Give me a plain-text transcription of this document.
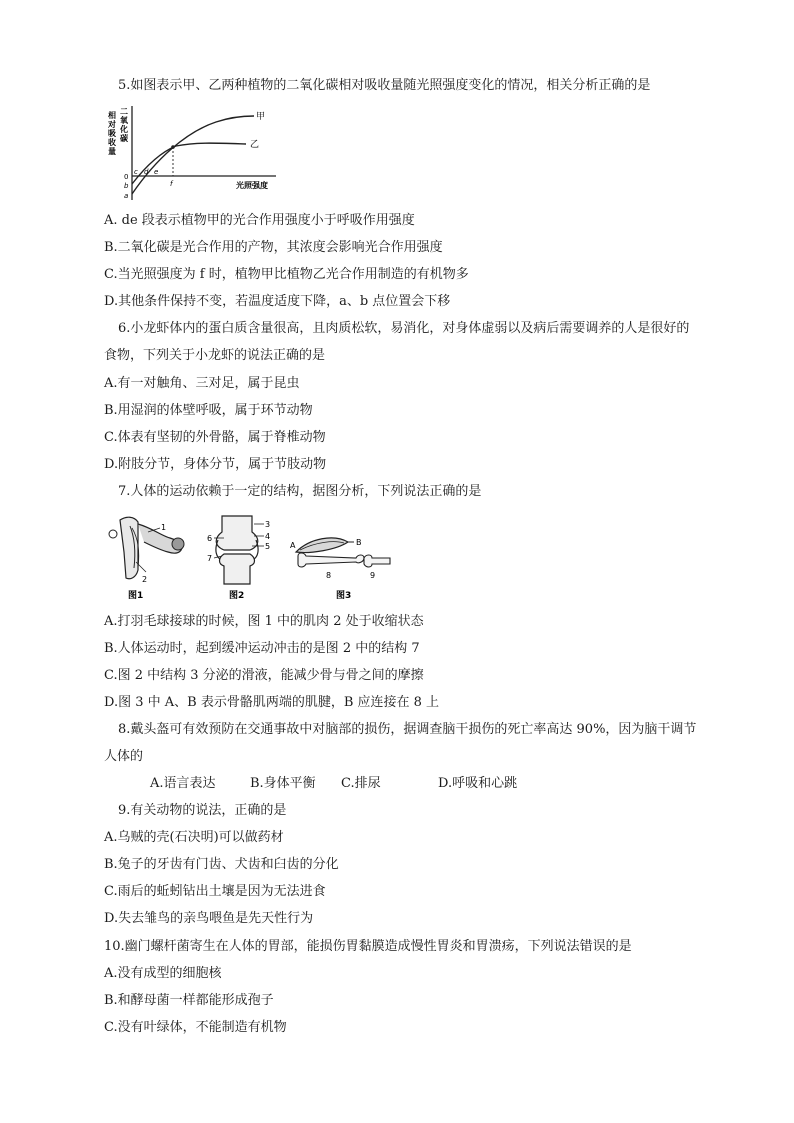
5.如图表示甲、乙两种植物的二氧化碳相对吸收量随光照强度变化的情况，相关分析正确的是
二
氧
化
碳
相
对
吸
收
量
甲
乙
光照强度
0
c d e
f
b
a
A. de 段表示植物甲的光合作用强度小于呼吸作用强度
B.二氧化碳是光合作用的产物，其浓度会影响光合作用强度
C.当光照强度为 f 时，植物甲比植物乙光合作用制造的有机物多
D.其他条件保持不变，若温度适度下降，a、b 点位置会下移
6.小龙虾体内的蛋白质含量很高，且肉质松软，易消化，对身体虚弱以及病后需要调养的人是很好的
食物，下列关于小龙虾的说法正确的是
A.有一对触角、三对足，属于昆虫
B.用湿润的体壁呼吸，属于环节动物
C.体表有坚韧的外骨骼，属于脊椎动物
D.附肢分节，身体分节，属于节肢动物
7.人体的运动依赖于一定的结构，据图分析，下列说法正确的是
1
2
图1
3
4
5
6
7
图2
B
A
8	9
图3
A.打羽毛球接球的时候，图 1 中的肌肉 2 处于收缩状态
B.人体运动时，起到缓冲运动冲击的是图 2 中的结构 7
C.图 2 中结构 3 分泌的滑液，能减少骨与骨之间的摩擦
D.图 3 中 A、B 表示骨骼肌两端的肌腱，B 应连接在 8 上
8.戴头盔可有效预防在交通事故中对脑部的损伤，据调查脑干损伤的死亡率高达 90%，因为脑干调节
人体的
A.语言表达	B.身体平衡 C.排尿	D.呼吸和心跳
9.有关动物的说法，正确的是
A.乌贼的壳(石决明)可以做药材
B.兔子的牙齿有门齿、犬齿和臼齿的分化
C.雨后的蚯蚓钻出土壤是因为无法进食
D.失去雏鸟的亲鸟喂鱼是先天性行为
10.幽门螺杆菌寄生在人体的胃部，能损伤胃黏膜造成慢性胃炎和胃溃疡，下列说法错误的是
A.没有成型的细胞核
B.和酵母菌一样都能形成孢子
C.没有叶绿体，不能制造有机物
